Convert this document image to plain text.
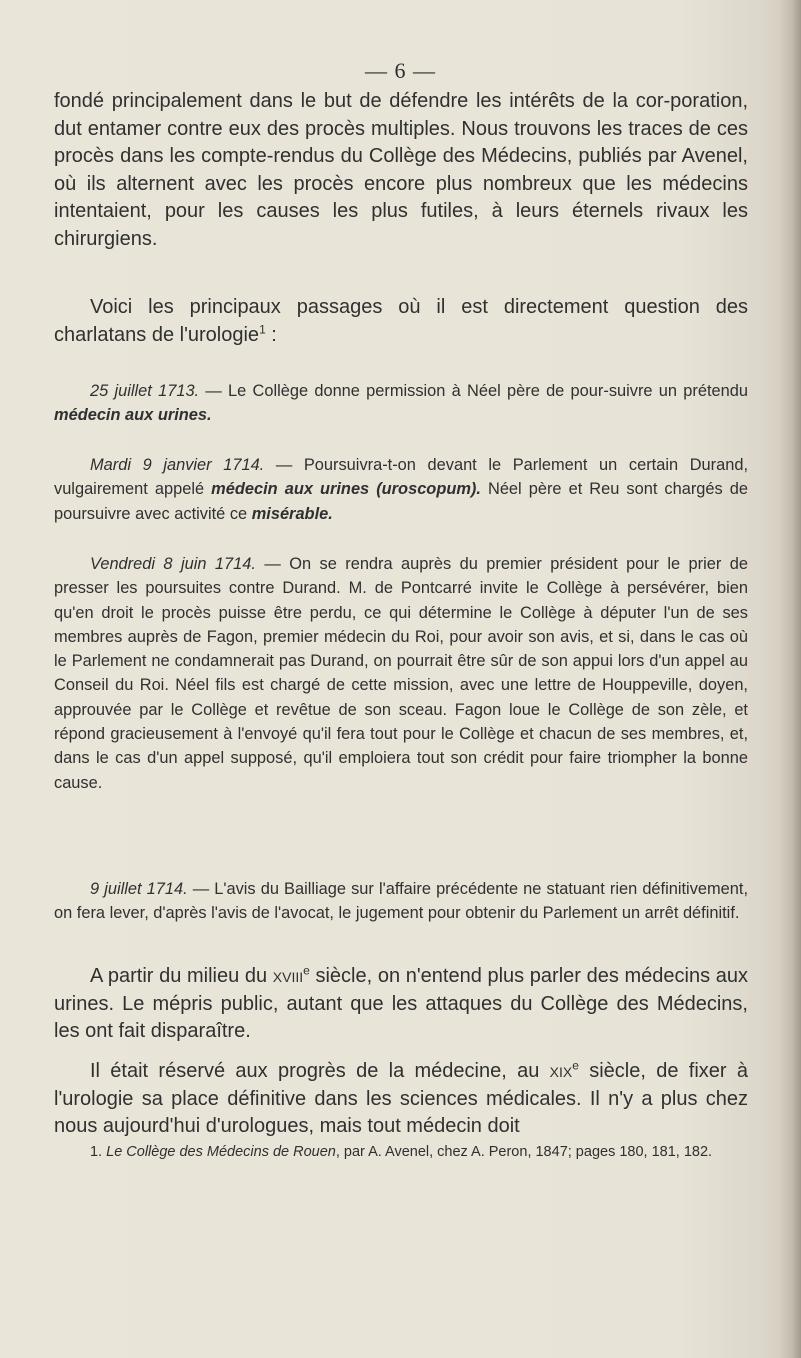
— 6 —

fondé principalement dans le but de défendre les intérêts de la cor-poration, dut entamer contre eux des procès multiples. Nous trouvons les traces de ces procès dans les compte-rendus du Collège des Médecins, publiés par Avenel, où ils alternent avec les procès encore plus nombreux que les médecins intentaient, pour les causes les plus futiles, à leurs éternels rivaux les chirurgiens.

Voici les principaux passages où il est directement question des charlatans de l'urologie$^1$ :

25 juillet 1713. — Le Collège donne permission à Néel père de pour-suivre un prétendu médecin aux urines.

Mardi 9 janvier 1714. — Poursuivra-t-on devant le Parlement un certain Durand, vulgairement appelé médecin aux urines (uroscopum). Néel père et Reu sont chargés de poursuivre avec activité ce misérable.

Vendredi 8 juin 1714. — On se rendra auprès du premier président pour le prier de presser les poursuites contre Durand. M. de Pontcarré invite le Collège à persévérer, bien qu'en droit le procès puisse être perdu, ce qui détermine le Collège à députer l'un de ses membres auprès de Fagon, premier médecin du Roi, pour avoir son avis, et si, dans le cas où le Parlement ne condamnerait pas Durand, on pourrait être sûr de son appui lors d'un appel au Conseil du Roi. Néel fils est chargé de cette mission, avec une lettre de Houppeville, doyen, approuvée par le Collège et revêtue de son sceau. Fagon loue le Collège de son zèle, et répond gracieusement à l'envoyé qu'il fera tout pour le Collège et chacun de ses membres, et, dans le cas d'un appel supposé, qu'il emploiera tout son crédit pour faire triompher la bonne cause.

9 juillet 1714. — L'avis du Bailliage sur l'affaire précédente ne statuant rien définitivement, on fera lever, d'après l'avis de l'avocat, le jugement pour obtenir du Parlement un arrêt définitif.

A partir du milieu du xviii$^e$ siècle, on n'entend plus parler des médecins aux urines. Le mépris public, autant que les attaques du Collège des Médecins, les ont fait disparaître.

Il était réservé aux progrès de la médecine, au xix$^e$ siècle, de fixer à l'urologie sa place définitive dans les sciences médicales. Il n'y a plus chez nous aujourd'hui d'urologues, mais tout médecin doit

1. Le Collège des Médecins de Rouen, par A. Avenel, chez A. Peron, 1847; pages 180, 181, 182.
